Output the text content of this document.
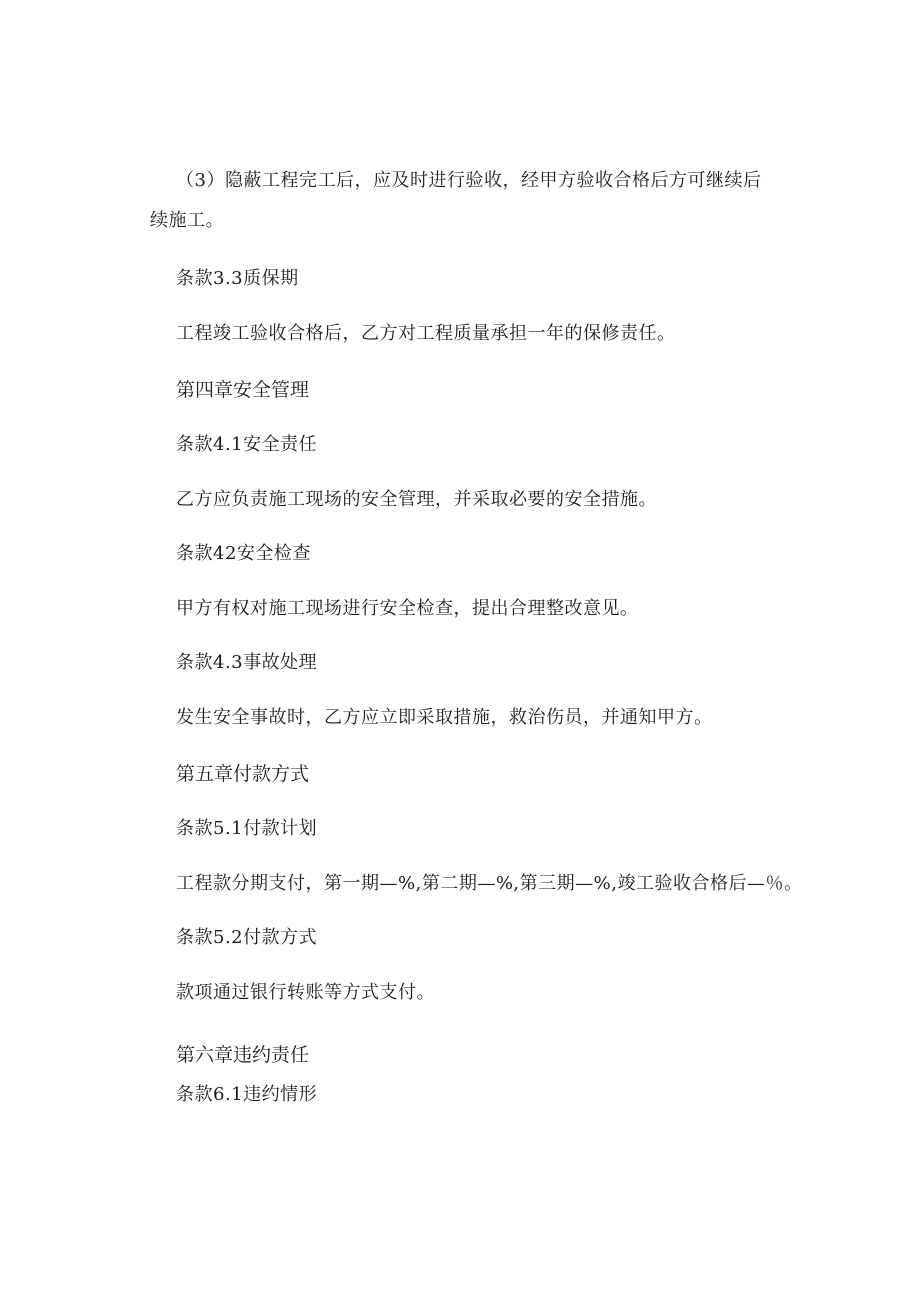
（3）隐蔽工程完工后，应及时进行验收，经甲方验收合格后方可继续后
续施工。
条款3.3质保期
工程竣工验收合格后，乙方对工程质量承担一年的保修责任。
第四章安全管理
条款4.1安全责任
乙方应负责施工现场的安全管理，并采取必要的安全措施。
条款42安全检查
甲方有权对施工现场进行安全检查，提出合理整改意见。
条款4.3事故处理
发生安全事故时，乙方应立即采取措施，救治伤员，并通知甲方。
第五章付款方式
条款5.1付款计划
工程款分期支付，第一期—%,第二期—%,第三期—%,竣工验收合格后—％。
条款5.2付款方式
款项通过银行转账等方式支付。
第六章违约责任
条款6.1违约情形
